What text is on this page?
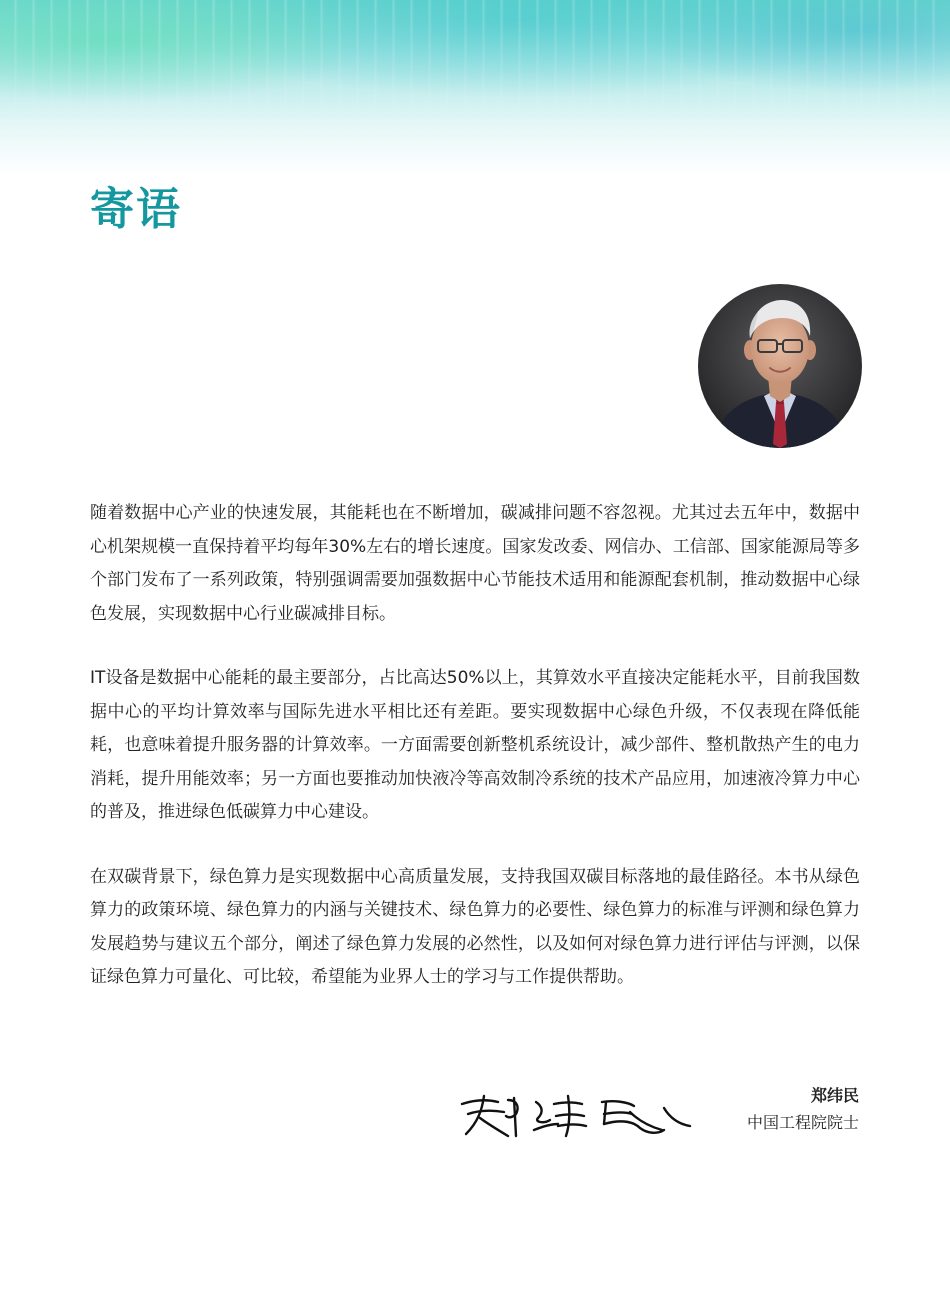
寄语

随着数据中心产业的快速发展，其能耗也在不断增加，碳减排问题不容忽视。尤其过去五年中，数据中心机架规模一直保持着平均每年30%左右的增长速度。国家发改委、网信办、工信部、国家能源局等多个部门发布了一系列政策，特别强调需要加强数据中心节能技术适用和能源配套机制，推动数据中心绿色发展，实现数据中心行业碳减排目标。

IT设备是数据中心能耗的最主要部分，占比高达50%以上，其算效水平直接决定能耗水平，目前我国数据中心的平均计算效率与国际先进水平相比还有差距。要实现数据中心绿色升级，不仅表现在降低能耗，也意味着提升服务器的计算效率。一方面需要创新整机系统设计，减少部件、整机散热产生的电力消耗，提升用能效率；另一方面也要推动加快液冷等高效制冷系统的技术产品应用，加速液冷算力中心的普及，推进绿色低碳算力中心建设。

在双碳背景下，绿色算力是实现数据中心高质量发展，支持我国双碳目标落地的最佳路径。本书从绿色算力的政策环境、绿色算力的内涵与关键技术、绿色算力的必要性、绿色算力的标准与评测和绿色算力发展趋势与建议五个部分，阐述了绿色算力发展的必然性，以及如何对绿色算力进行评估与评测，以保证绿色算力可量化、可比较，希望能为业界人士的学习与工作提供帮助。

郑纬民
中国工程院院士
